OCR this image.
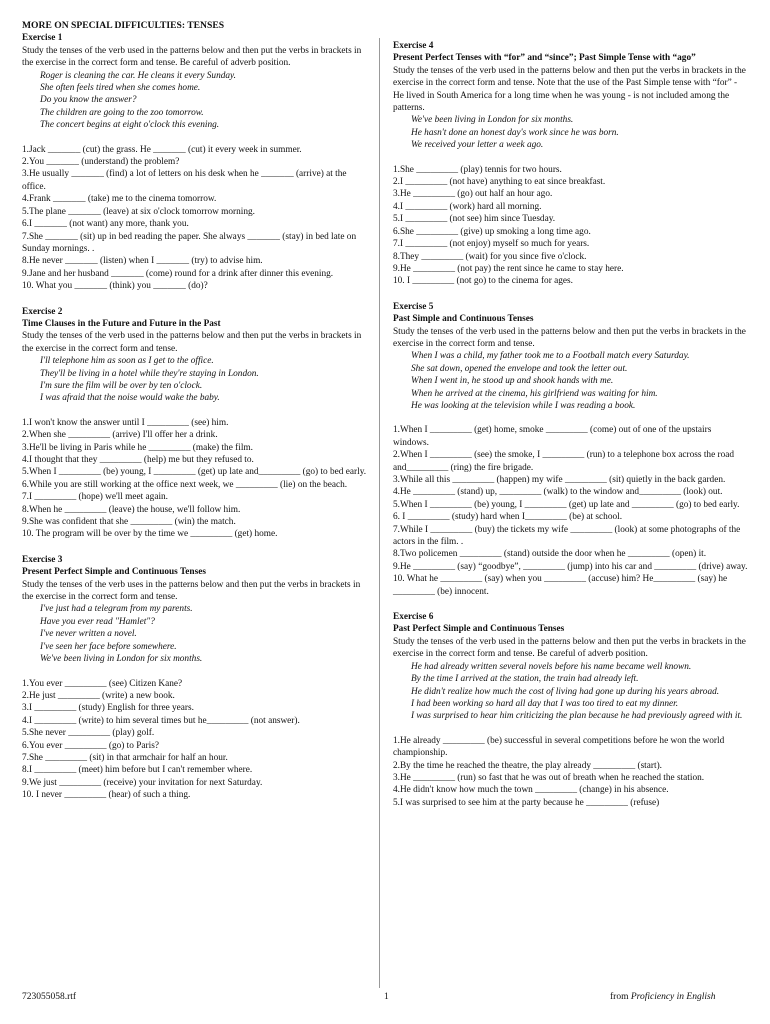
MORE ON SPECIAL DIFFICULTIES: TENSES
Exercise 1
Study the tenses of the verb used in the patterns below and then put the verbs in brackets in the exercise in the correct form and tense. Be careful of adverb position.
Roger is cleaning the car. He cleans it every Sunday.
She often feels tired when she comes home.
Do you know the answer?
The children are going to the zoo tomorrow.
The concert begins at eight o'clock this evening.
1.Jack _______ (cut) the grass. He _______ (cut) it every week in summer.
2.You _______ (understand) the problem?
3.He usually _______ (find) a lot of letters on his desk when he _______ (arrive) at the office.
4.Frank _______ (take) me to the cinema tomorrow.
5.The plane _______ (leave) at six o'clock tomorrow morning.
6.I _______ (not want) any more, thank you.
7.She _______ (sit) up in bed reading the paper. She always _______ (stay) in bed late on Sunday mornings. .
8.He never _______ (listen) when I _______ (try) to advise him.
9.Jane and her husband _______ (come) round for a drink after dinner this evening.
10. What you _______ (think) you _______ (do)?
Exercise 2
Time Clauses in the Future and Future in the Past
Study the tenses of the verb used in the patterns below and then put the verbs in brackets in the exercise in the correct form and tense.
I'll telephone him as soon as I get to the office.
They'll be living in a hotel while they're staying in London.
I'm sure the film will be over by ten o'clock.
I was afraid that the noise would wake the baby.
1.I won't know the answer until I _________ (see) him.
2.When she _________ (arrive) I'll offer her a drink.
3.He'll be living in Paris while he _________ (make) the film.
4.I thought that they _________ (help) me but they refused to.
5.When I _________ (be) young, I _________ (get) up late and_________ (go) to bed early.
6.While you are still working at the office next week, we _________ (lie) on the beach.
7.I _________ (hope) we'll meet again.
8.When he _________ (leave) the house, we'll follow him.
9.She was confident that she _________ (win) the match.
10. The program will be over by the time we _________ (get) home.
Exercise 3
Present Perfect Simple and Continuous Tenses
Study the tenses of the verb uses in the patterns below and then put the verbs in brackets in the exercise in the correct form and tense.
I've just had a telegram from my parents.
Have you ever read "Hamlet"?
I've never written a novel.
I've seen her face before somewhere.
We've been living in London for six months.
1.You ever _________ (see) Citizen Kane?
2.He just _________ (write) a new book.
3.I _________ (study) English for three years.
4.I _________ (write) to him several times but he_________ (not answer).
5.She never _________ (play) golf.
6.You ever _________ (go) to Paris?
7.She _________ (sit) in that armchair for half an hour.
8.I _________ (meet) him before but I can't remember where.
9.We just _________ (receive) your invitation for next Saturday.
10. I never _________ (hear) of such a thing.
Exercise 4
Present Perfect Tenses with “for” and “since”; Past Simple Tense with “ago”
Study the tenses of the verb used in the patterns below and then put the verbs in brackets in the exercise in the correct form and tense. Note that the use of the Past Simple tense with “for” - He lived in South America for a long time when he was young - is not included among the patterns.
We've been living in London for six months.
He hasn't done an honest day's work since he was born.
We received your letter a week ago.
1.She _________ (play) tennis for two hours.
2.I _________ (not have) anything to eat since breakfast.
3.He _________ (go) out half an hour ago.
4.I _________ (work) hard all morning.
5.I _________ (not see) him since Tuesday.
6.She _________ (give) up smoking a long time ago.
7.I _________ (not enjoy) myself so much for years.
8.They _________ (wait) for you since five o'clock.
9.He _________ (not pay) the rent since he came to stay here.
10. I _________ (not go) to the cinema for ages.
Exercise 5
Past Simple and Continuous Tenses
Study the tenses of the verb used in the patterns below and then put the verbs in brackets in the exercise in the correct form and tense.
When I was a child, my father took me to a Football match every Saturday.
She sat down, opened the envelope and took the letter out.
When I went in, he stood up and shook hands with me.
When he arrived at the cinema, his girlfriend was waiting for him.
He was looking at the television while I was reading a book.
1.When I _________ (get) home, smoke _________ (come) out of one of the upstairs windows.
2.When I _________ (see) the smoke, I _________ (run) to a telephone box across the road and_________ (ring) the fire brigade.
3.While all this _________ (happen) my wife _________ (sit) quietly in the back garden.
4.He _________ (stand) up, _________ (walk) to the window and_________ (look) out.
5.When I _________ (be) young, I _________ (get) up late and _________ (go) to bed early.
6. I _________ (study) hard when I_________ (be) at school.
7.While I _________ (buy) the tickets my wife _________ (look) at some photographs of the actors in the film. .
8.Two policemen _________ (stand) outside the door when he _________ (open) it.
9.He _________ (say) “goodbye”, _________ (jump) into his car and _________ (drive) away.
10. What he _________ (say) when you _________ (accuse) him? He_________ (say) he _________ (be) innocent.
Exercise 6
Past Perfect Simple and Continuous Tenses
Study the tenses of the verb used in the patterns below and then put the verbs in brackets in the exercise in the correct form and tense. Be careful of adverb position.
He had already written several novels before his name became well known.
By the time I arrived at the station, the train had already left.
He didn't realize how much the cost of living had gone up during his years abroad.
I had been working so hard all day that I was too tired to eat my dinner.
I was surprised to hear him criticizing the plan because he had previously agreed with it.
1.He already _________ (be) successful in several competitions before he won the world championship.
2.By the time he reached the theatre, the play already _________ (start).
3.He _________ (run) so fast that he was out of breath when he reached the station.
4.He didn't know how much the town _________ (change) in his absence.
5.I was surprised to see him at the party because he _________ (refuse)
723055058.rtf	1	from Proficiency in English
